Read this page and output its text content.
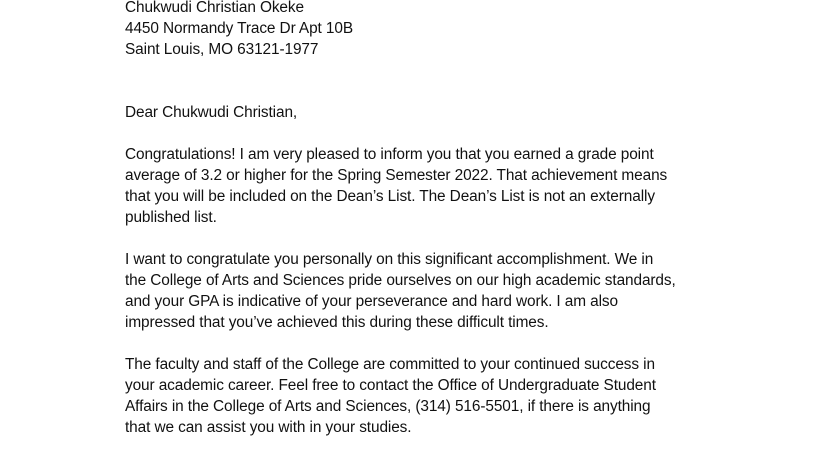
Chukwudi Christian Okeke
4450 Normandy Trace Dr Apt 10B
Saint Louis, MO 63121-1977
Dear Chukwudi Christian,
Congratulations! I am very pleased to inform you that you earned a grade point
average of 3.2 or higher for the Spring Semester 2022. That achievement means
that you will be included on the Dean’s List. The Dean’s List is not an externally
published list.
I want to congratulate you personally on this significant accomplishment. We in
the College of Arts and Sciences pride ourselves on our high academic standards,
and your GPA is indicative of your perseverance and hard work. I am also
impressed that you’ve achieved this during these difficult times.
The faculty and staff of the College are committed to your continued success in
your academic career. Feel free to contact the Office of Undergraduate Student
Affairs in the College of Arts and Sciences, (314) 516-5501, if there is anything
that we can assist you with in your studies.
